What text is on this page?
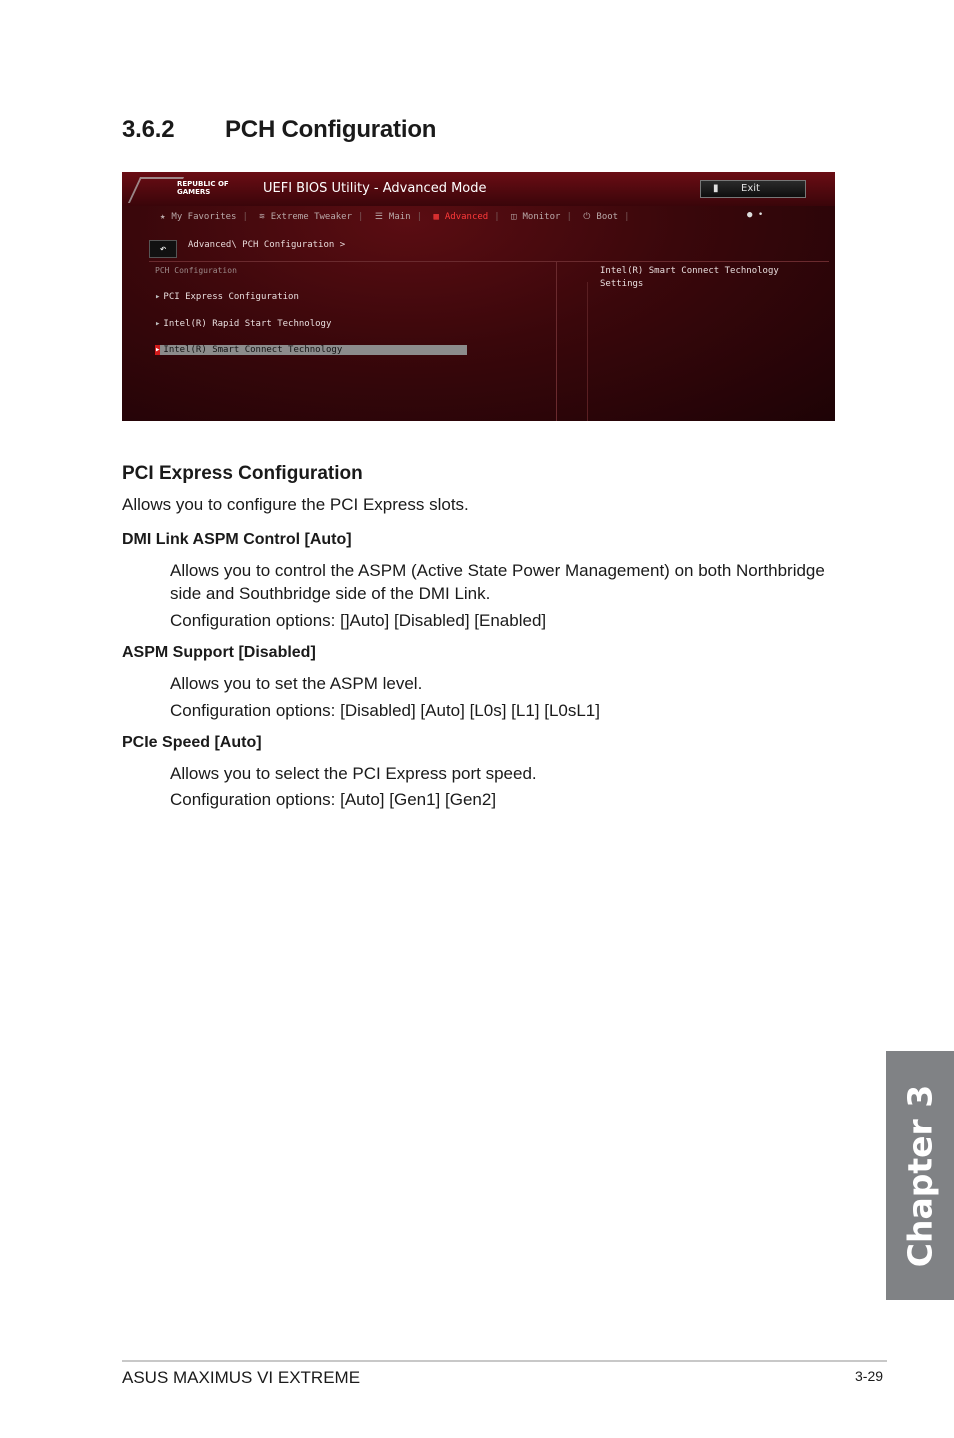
3.6.2 PCH Configuration
REPUBLIC OF
GAMERS	UEFI BIOS Utility - Advanced Mode	▮ Exit
★ My Favorites | ≋ Extreme Tweaker | ☰ Main | ▦ Advanced | ◫ Monitor | ⏻ Boot |	● •
↶	Advanced\ PCH Configuration >
PCH Configuration
▸ PCI Express Configuration
▸ Intel(R) Rapid Start Technology
▸ Intel(R) Smart Connect Technology
Intel(R) Smart Connect Technology Settings
PCI Express Configuration

Allows you to configure the PCI Express slots.

DMI Link ASPM Control [Auto]

Allows you to control the ASPM (Active State Power Management) on both Northbridge side and Southbridge side of the DMI Link.

Configuration options: []Auto] [Disabled] [Enabled]

ASPM Support [Disabled]

Allows you to set the ASPM level.

Configuration options: [Disabled] [Auto] [L0s] [L1] [L0sL1]

PCIe Speed [Auto]

Allows you to select the PCI Express port speed.

Configuration options: [Auto] [Gen1] [Gen2]

Chapter 3
ASUS MAXIMUS VI EXTREME	3-29
